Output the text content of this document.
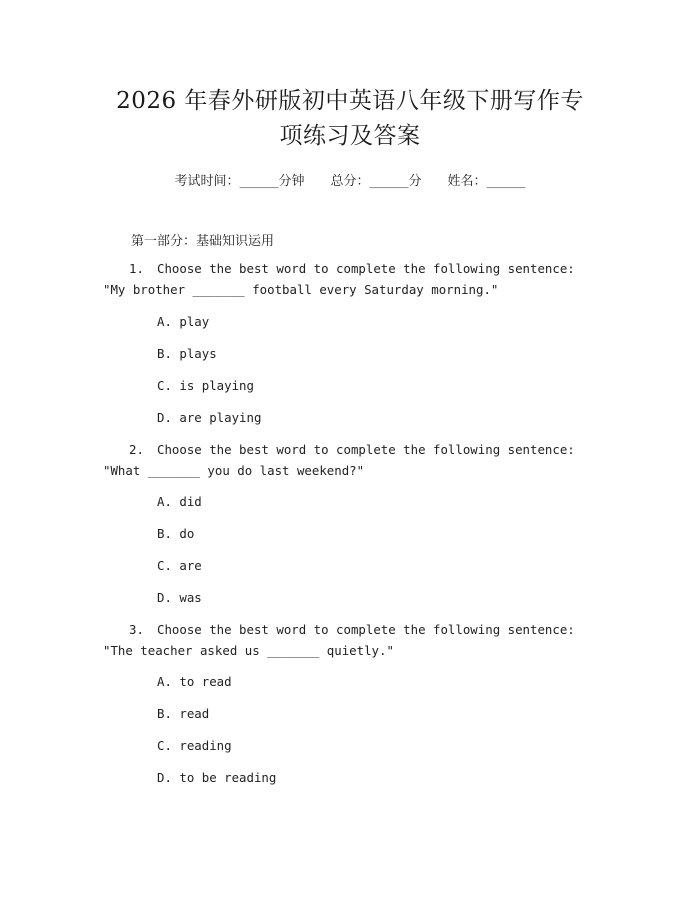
2026 年春外研版初中英语八年级下册写作专
项练习及答案
考试时间：______分钟 总分：______分 姓名：______
第一部分：基础知识运用
1. Choose the best word to complete the following sentence: "My brother _______ football every Saturday morning."
A. play
B. plays
C. is playing
D. are playing
2. Choose the best word to complete the following sentence: "What _______ you do last weekend?"
A. did
B. do
C. are
D. was
3. Choose the best word to complete the following sentence: "The teacher asked us _______ quietly."
A. to read
B. read
C. reading
D. to be reading
